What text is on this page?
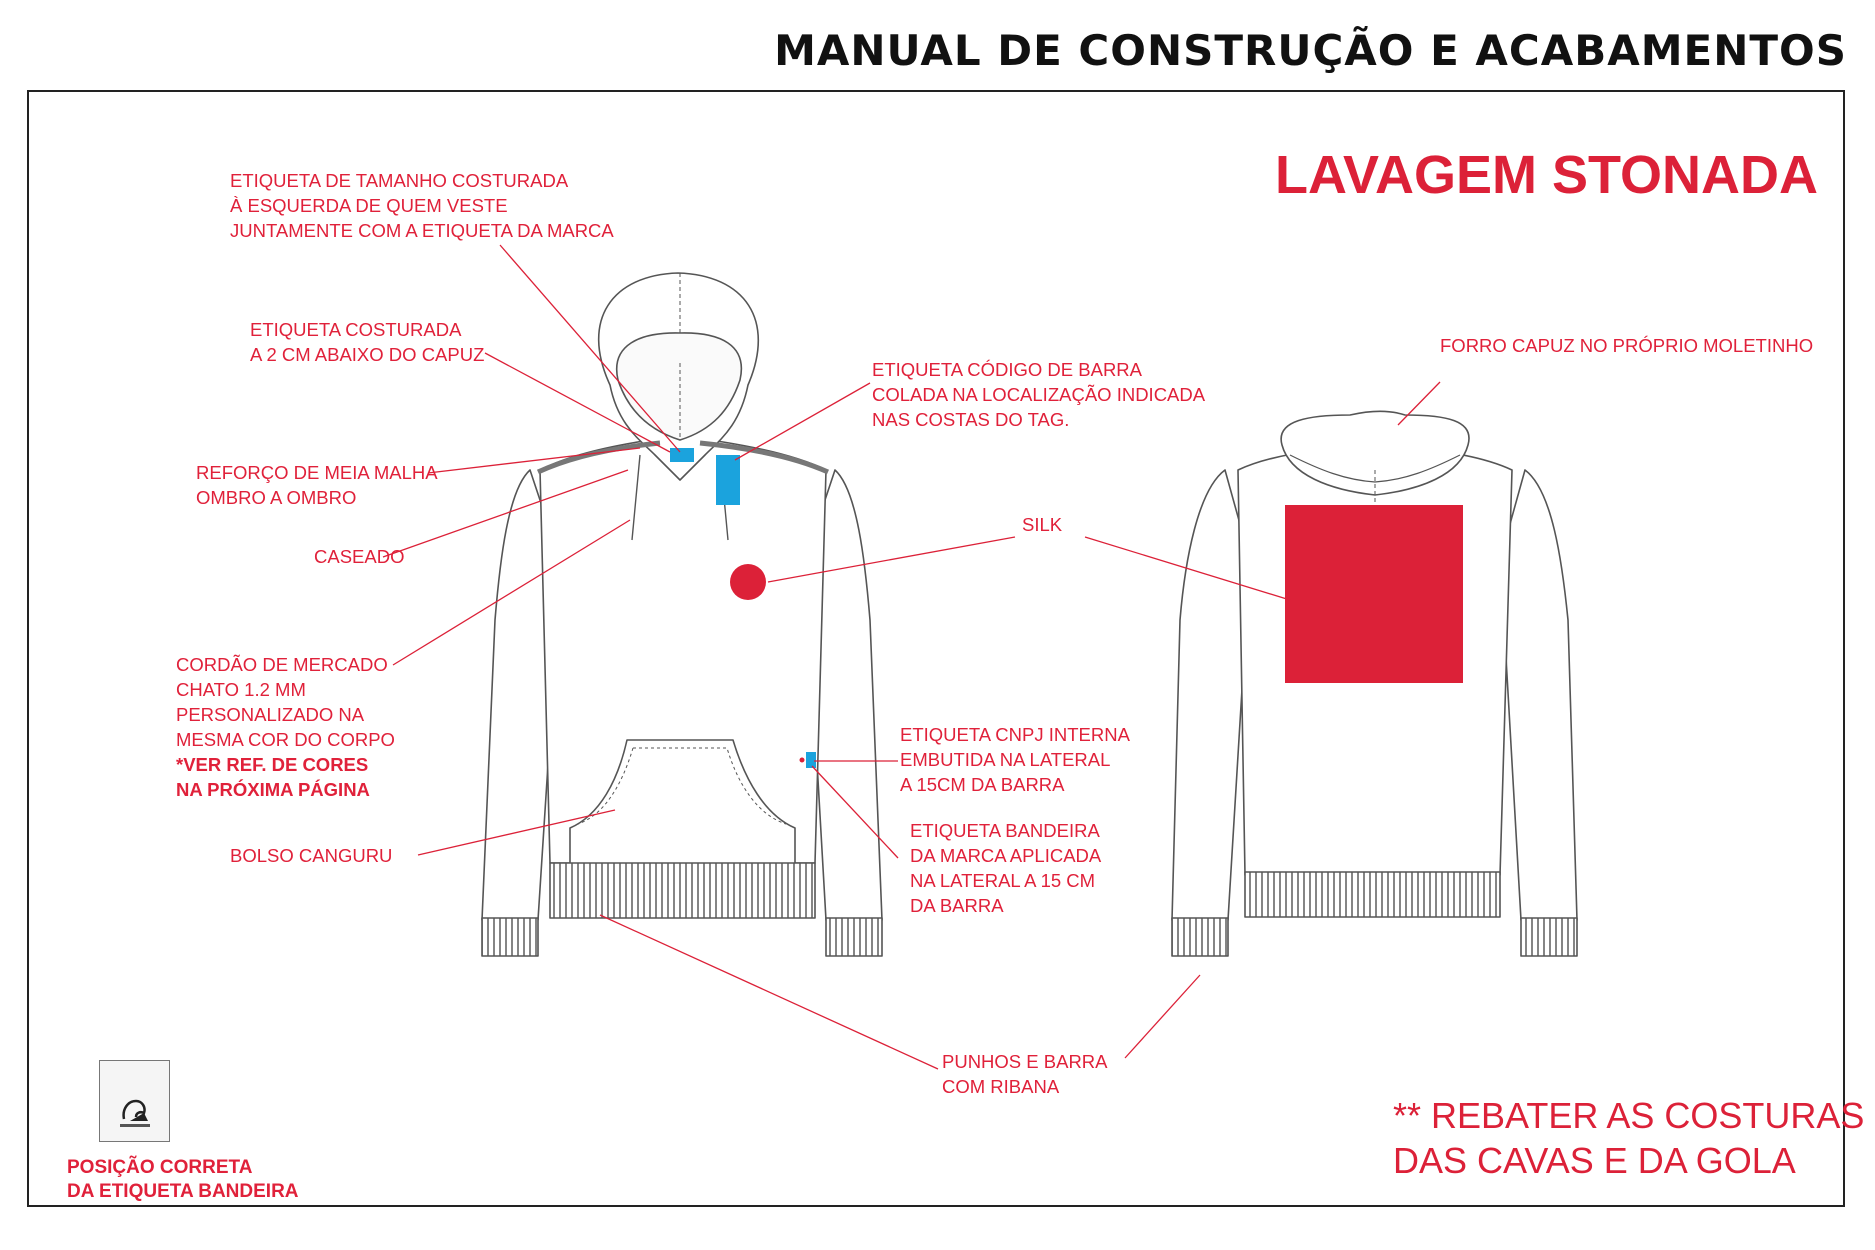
MANUAL DE CONSTRUÇÃO E ACABAMENTOS
LAVAGEM STONADA
ETIQUETA DE TAMANHO COSTURADA
À ESQUERDA DE QUEM VESTE
JUNTAMENTE COM A ETIQUETA DA MARCA
ETIQUETA COSTURADA
A 2 CM ABAIXO DO CAPUZ
REFORÇO DE MEIA MALHA
OMBRO A OMBRO
CASEADO
CORDÃO DE MERCADO
CHATO 1.2 MM
PERSONALIZADO NA
MESMA COR DO CORPO
*VER REF. DE CORES
NA PRÓXIMA PÁGINA
BOLSO CANGURU
ETIQUETA CÓDIGO DE BARRA
COLADA NA LOCALIZAÇÃO INDICADA
NAS COSTAS DO TAG.
SILK
ETIQUETA CNPJ INTERNA
EMBUTIDA NA LATERAL
A 15CM DA BARRA
ETIQUETA BANDEIRA
DA MARCA APLICADA
NA LATERAL A 15 CM
DA BARRA
PUNHOS E BARRA
COM RIBANA
FORRO CAPUZ NO PRÓPRIO MOLETINHO
** REBATER AS COSTURAS
DAS CAVAS E DA GOLA
POSIÇÃO CORRETA
DA ETIQUETA BANDEIRA
